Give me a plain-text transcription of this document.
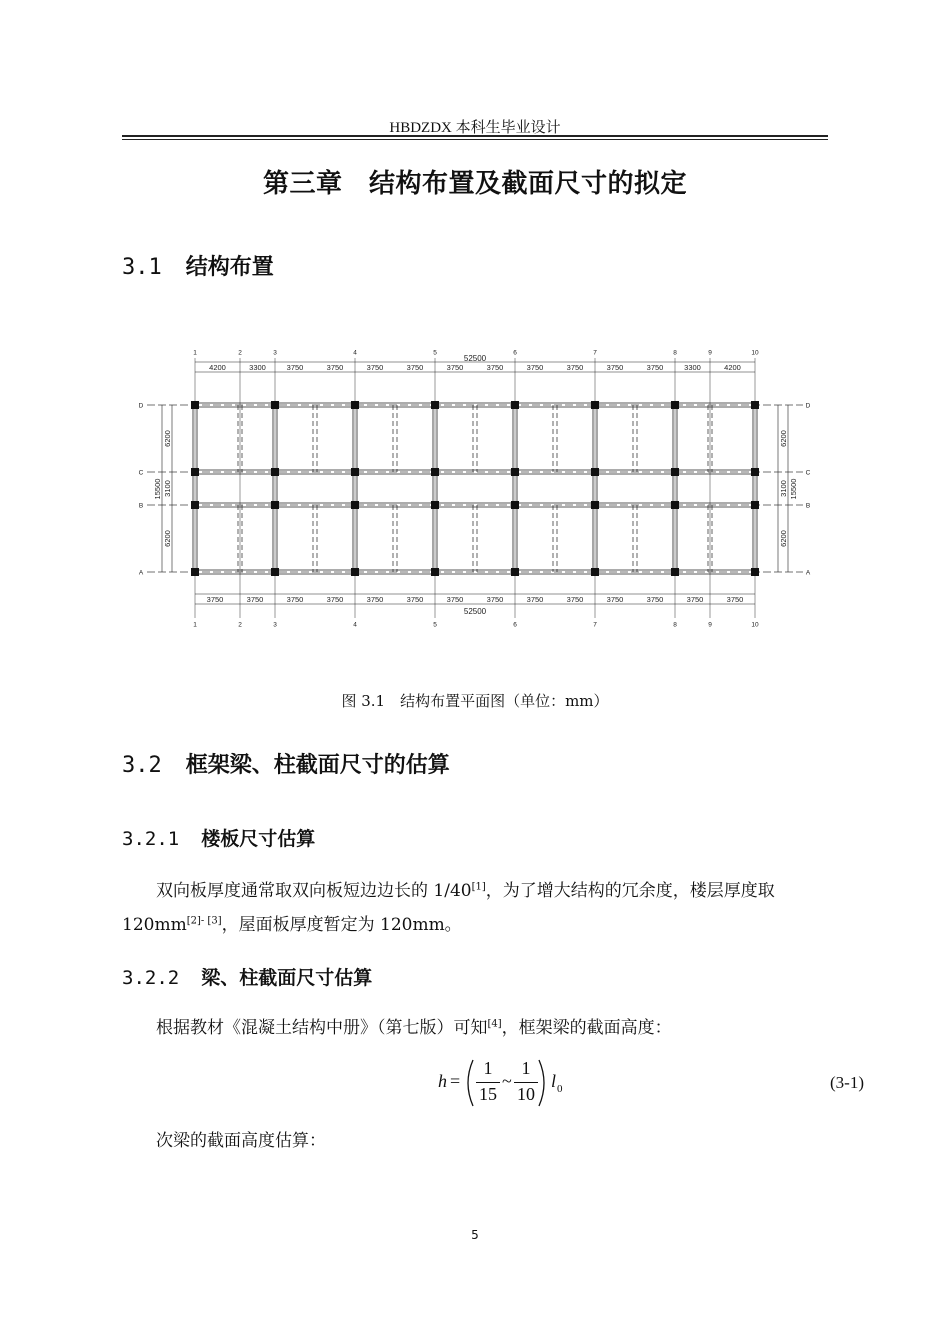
HBDZDX 本科生毕业设计
第三章　结构布置及截面尺寸的拟定
3.1 结构布置
1
1
2
2
3
3
4
4
5
5
6
6
7
7
8
8
9
9
10
10
D	D
C	C
B	B
A	A
52500
52500
4200	3300	3750	3750	3750	3750	3750	3750	3750	3750	3750	3750	3300	4200
3750	3750	3750	3750	3750	3750	3750	3750	3750	3750	3750	3750	3750	3750
6200	6200
3100	3100
6200	6200
15500	15500
图 3.1　结构布置平面图（单位：mm）
3.2 框架梁、柱截面尺寸的估算
3.2.1 楼板尺寸估算
双向板厚度通常取双向板短边边长的 1/40[1]，为了增大结构的冗余度，楼层厚度取 120mm[2]- [3]，屋面板厚度暂定为 120mm。
3.2.2 梁、柱截面尺寸估算
根据教材《混凝土结构中册》（第七版）可知[4]，框架梁的截面高度：
h =
1
15
~
1
10
l 0	(3-1)
次梁的截面高度估算：
5
